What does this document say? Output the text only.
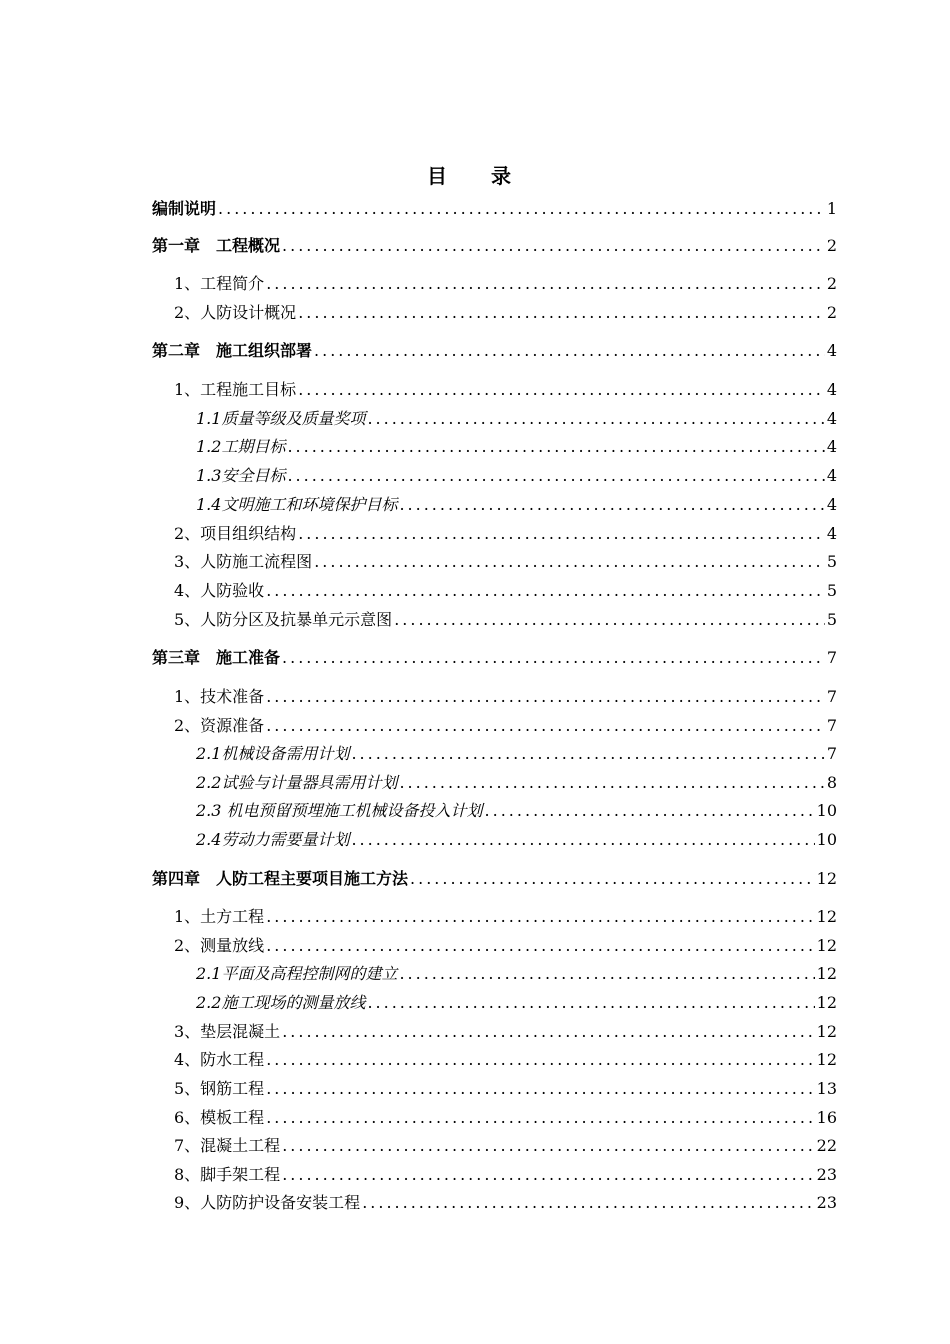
目　录
编制说明 .....	1
第一章　工程概况 .....	2
1、工程简介 .....	2
2、人防设计概况 .....	2
第二章　施工组织部署 .....	4
1、工程施工目标 .....	4
1.1质量等级及质量奖项 .....	4
1.2工期目标 .....	4
1.3安全目标 .....	4
1.4文明施工和环境保护目标 .....	4
2、项目组织结构 .....	4
3、人防施工流程图 .....	5
4、人防验收 .....	5
5、人防分区及抗暴单元示意图 .....	5
第三章　施工准备 .....	7
1、技术准备 .....	7
2、资源准备 .....	7
2.1机械设备需用计划 .....	7
2.2试验与计量器具需用计划 .....	8
2.3 机电预留预埋施工机械设备投入计划 .....	10
2.4劳动力需要量计划 .....	10
第四章　人防工程主要项目施工方法 .....	12
1、土方工程 .....	12
2、测量放线 .....	12
2.1平面及高程控制网的建立 .....	12
2.2施工现场的测量放线 .....	12
3、垫层混凝土 .....	12
4、防水工程 .....	12
5、钢筋工程 .....	13
6、模板工程 .....	16
7、混凝土工程 .....	22
8、脚手架工程 .....	23
9、人防防护设备安装工程 .....	23
